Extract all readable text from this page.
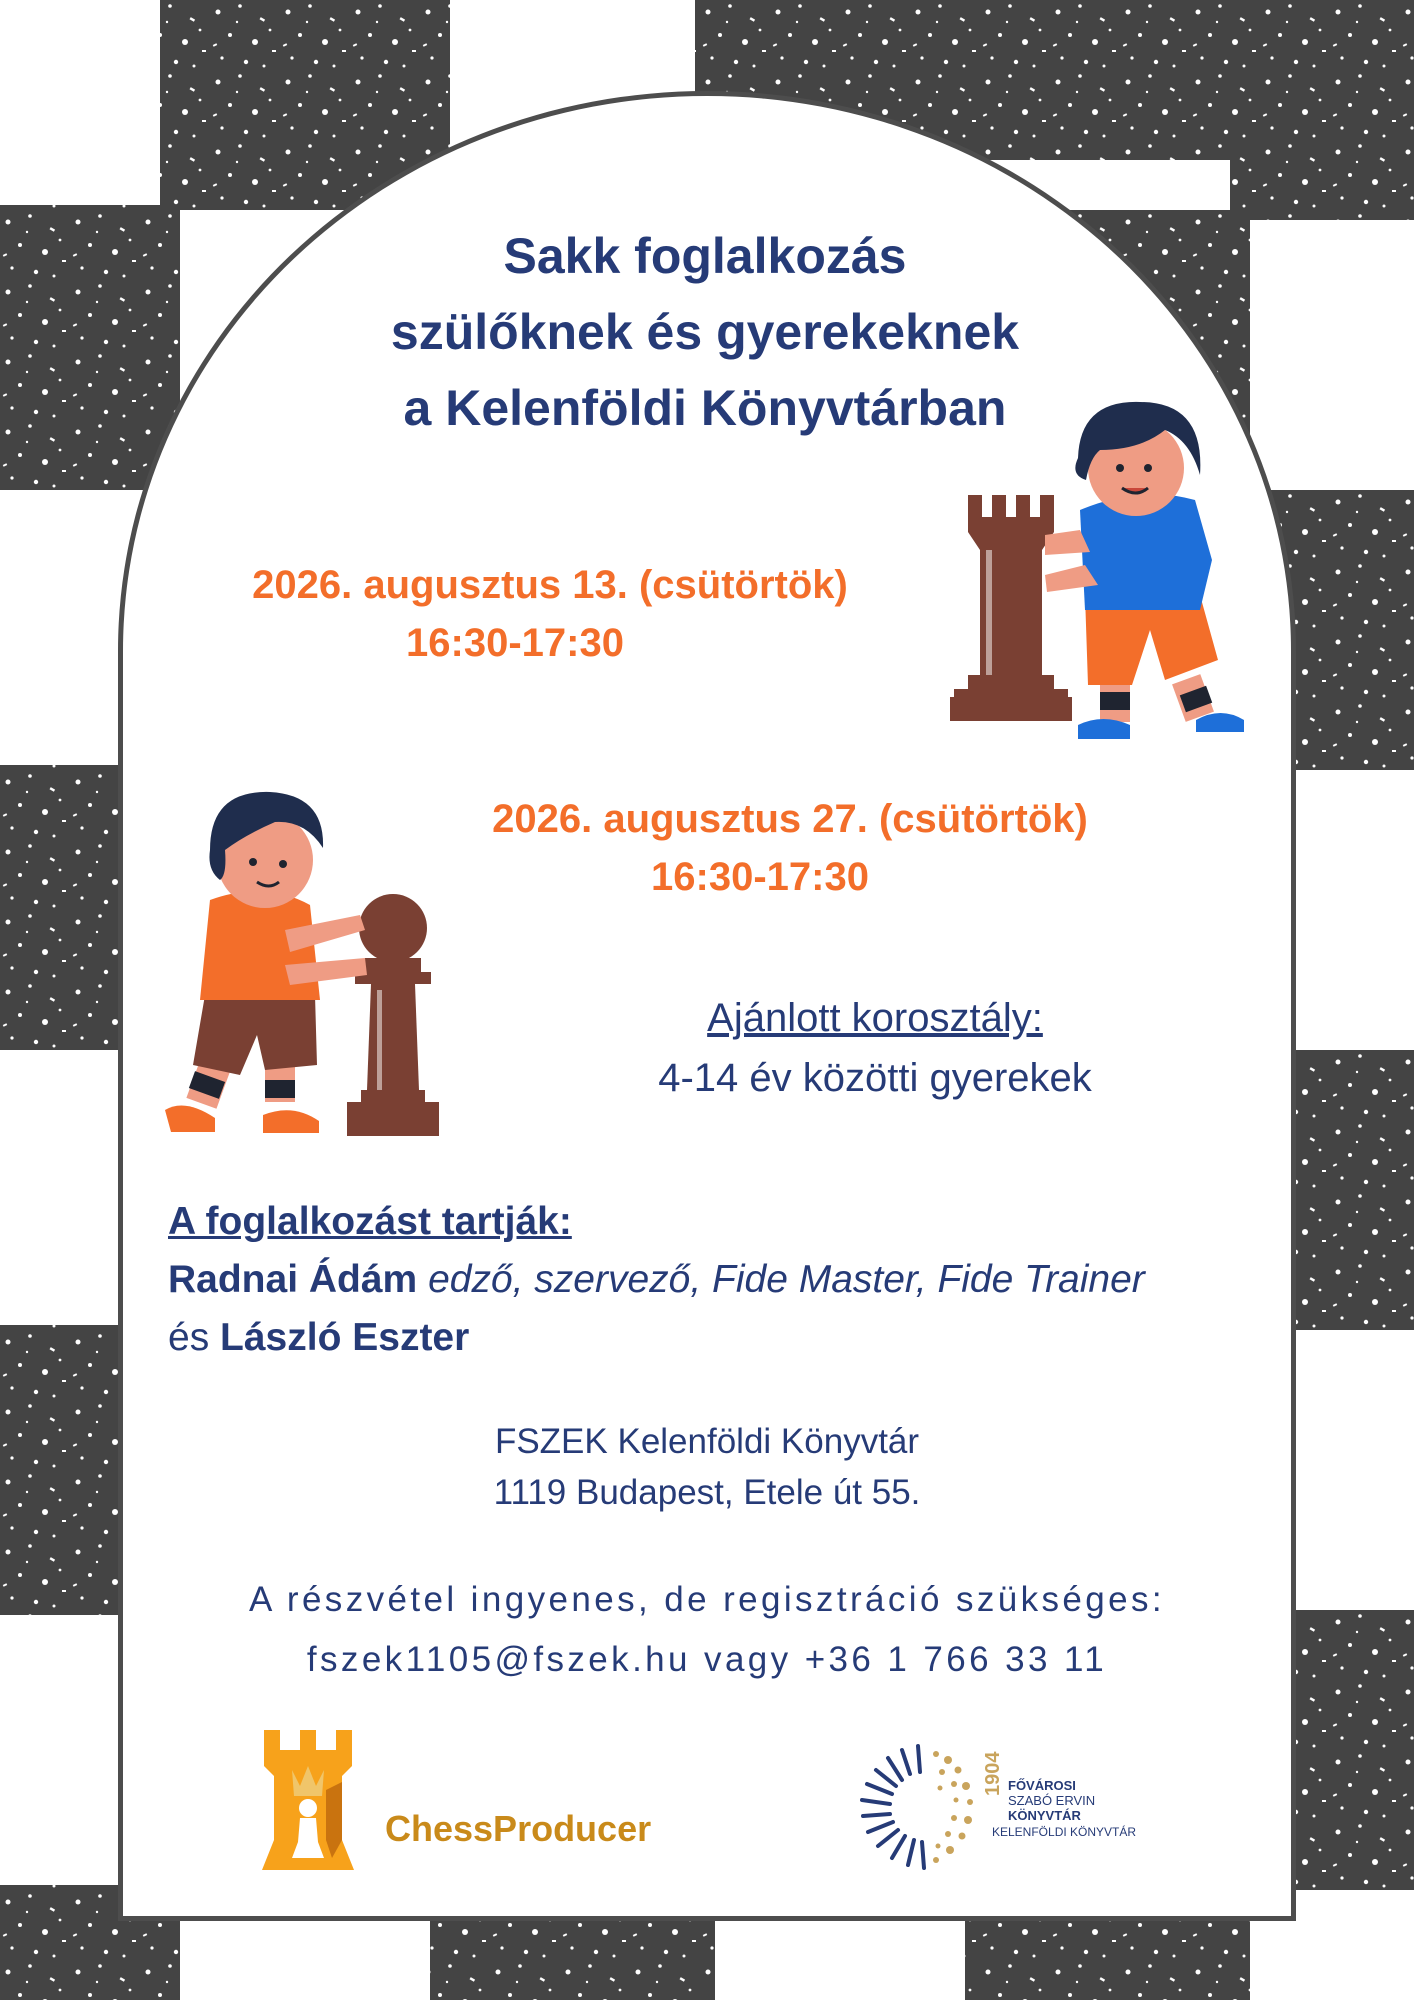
Sakk foglalkozás
szülőknek és gyerekeknek
a Kelenföldi Könyvtárban
2026. augusztus 13. (csütörtök)
16:30-17:30
2026. augusztus 27. (csütörtök)
16:30-17:30
Ajánlott korosztály:
4-14 év közötti gyerekek
A foglalkozást tartják:
Radnai Ádám edző, szervező, Fide Master, Fide Trainer
és László Eszter
FSZEK Kelenföldi Könyvtár
1119 Budapest, Etele út 55.
A részvétel ingyenes, de regisztráció szükséges:
fszek1105@fszek.hu vagy +36 1 766 33 11
ChessProducer
1904 FŐVÁROSI
SZABÓ ERVIN
KÖNYVTÁR
KELENFÖLDI KÖNYVTÁR
